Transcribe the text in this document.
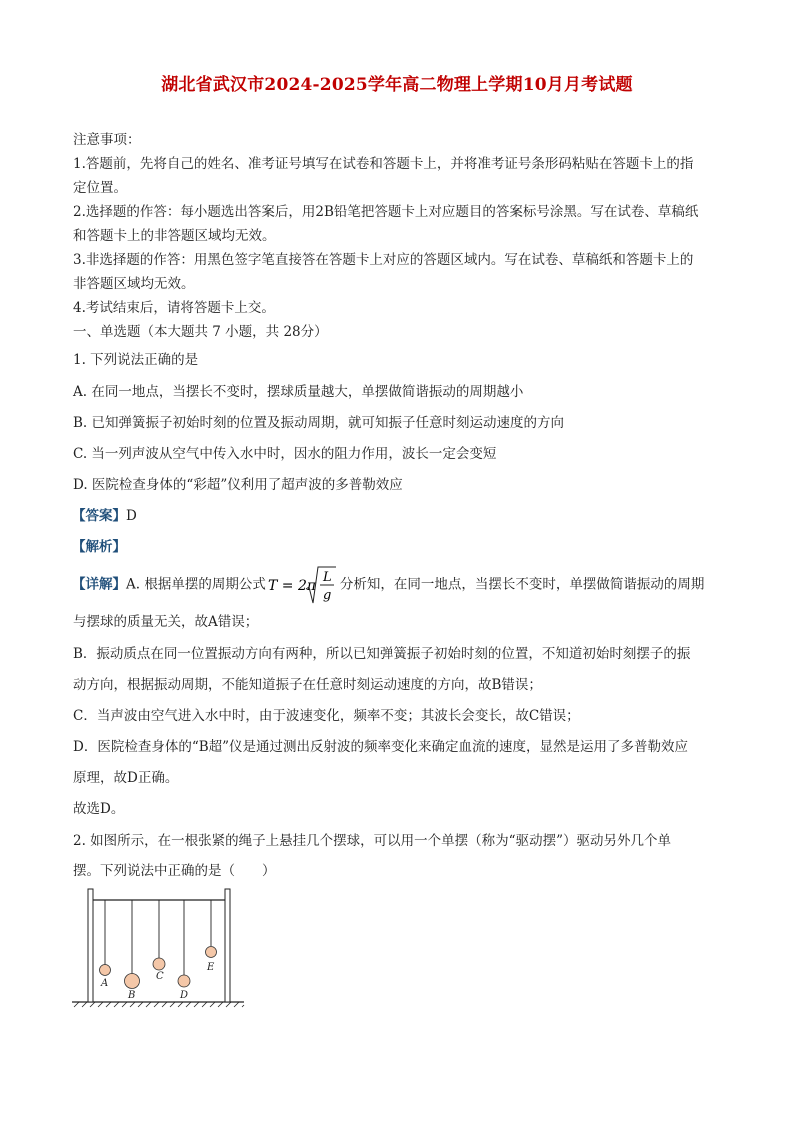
湖北省武汉市2024-2025学年高二物理上学期10月月考试题
注意事项：
1.答题前，先将自己的姓名、准考证号填写在试卷和答题卡上，并将准考证号条形码粘贴在答题卡上的指
定位置。
2.选择题的作答：每小题选出答案后，用2B铅笔把答题卡上对应题目的答案标号涂黑。写在试卷、草稿纸
和答题卡上的非答题区域均无效。
3.非选择题的作答：用黑色签字笔直接答在答题卡上对应的答题区域内。写在试卷、草稿纸和答题卡上的
非答题区域均无效。
4.考试结束后，请将答题卡上交。
一、单选题（本大题共 7 小题，共 28分）
1. 下列说法正确的是
A. 在同一地点，当摆长不变时，摆球质量越大，单摆做简谐振动的周期越小
B. 已知弹簧振子初始时刻的位置及振动周期，就可知振子任意时刻运动速度的方向
C. 当一列声波从空气中传入水中时，因水的阻力作用，波长一定会变短
D. 医院检查身体的“彩超”仪利用了超声波的多普勒效应
【答案】D
【解析】
【详解】A. 根据单摆的周期公式 T = 2π
L
g
分析知，在同一地点，当摆长不变时，单摆做简谐振动的周期
与摆球的质量无关，故A错误；
B．振动质点在同一位置振动方向有两种，所以已知弹簧振子初始时刻的位置，不知道初始时刻摆子的振
动方向，根据振动周期，不能知道振子在任意时刻运动速度的方向，故B错误；
C．当声波由空气进入水中时，由于波速变化，频率不变；其波长会变长，故C错误；
D．医院检查身体的“B超”仪是通过测出反射波的频率变化来确定血流的速度，显然是运用了多普勒效应
原理，故D正确。
故选D。
2. 如图所示，在一根张紧的绳子上悬挂几个摆球，可以用一个单摆（称为“驱动摆”）驱动另外几个单
摆。下列说法中正确的是（　　）
A
B
C
D
E
